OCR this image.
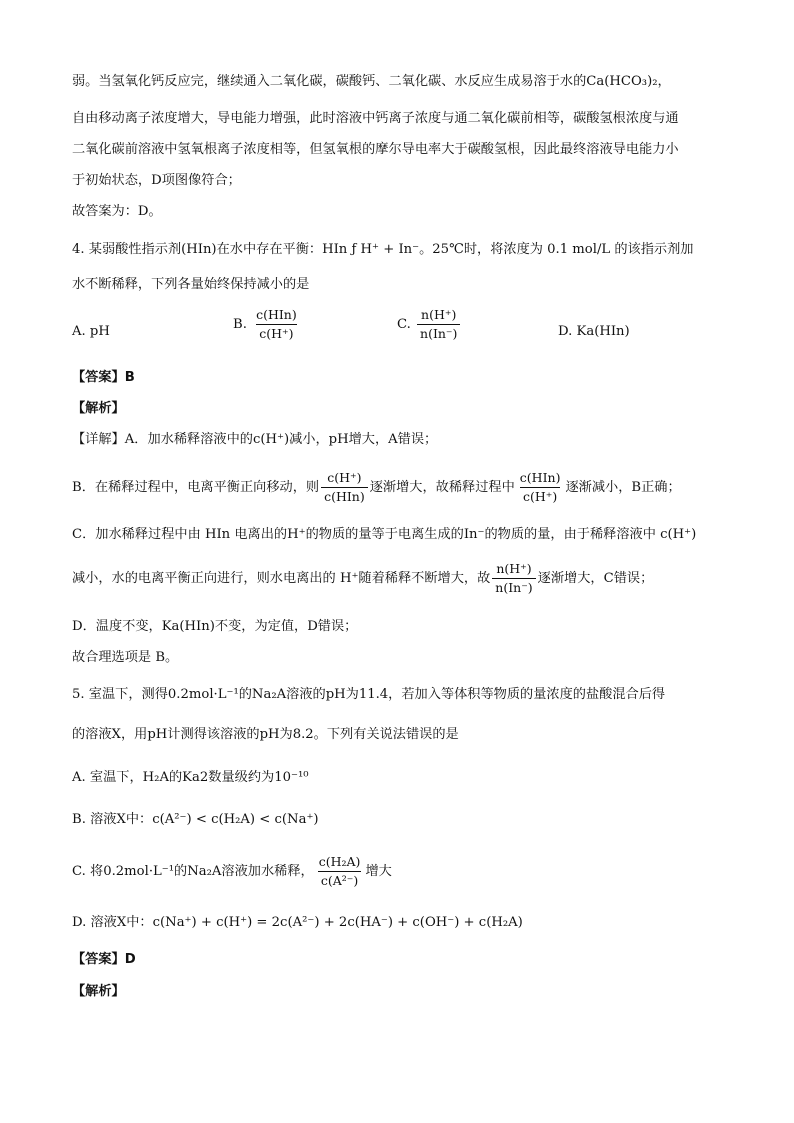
弱。当氢氧化钙反应完，继续通入二氧化碳，碳酸钙、二氧化碳、水反应生成易溶于水的Ca(HCO₃)₂，
自由移动离子浓度增大，导电能力增强，此时溶液中钙离子浓度与通二氧化碳前相等，碳酸氢根浓度与通
二氧化碳前溶液中氢氧根离子浓度相等，但氢氧根的摩尔导电率大于碳酸氢根，因此最终溶液导电能力小
于初始状态，D项图像符合；
故答案为：D。
4. 某弱酸性指示剂(HIn)在水中存在平衡：HIn ƒ H⁺ + In⁻。25℃时，将浓度为 0.1 mol/L 的该指示剂加
水不断稀释，下列各量始终保持减小的是
A. pH	B. $\frac{\text{c(HIn)}}{c(H^+)}$	C. $\frac{n(H^+)}{n(In^-)}$	D. Ka(HIn)
【答案】B
【解析】
【详解】A．加水稀释溶液中的c(H⁺)减小，pH增大，A错误；
B．在稀释过程中，电离平衡正向移动，则 $\frac{c(H^+)}{\text{c(HIn)}}$ 逐渐增大，故稀释过程中 $\frac{\text{c(HIn)}}{c(H^+)}$ 逐渐减小，B正确；
C．加水稀释过程中由 HIn 电离出的H⁺的物质的量等于电离生成的In⁻的物质的量，由于稀释溶液中 c(H⁺)
减小，水的电离平衡正向进行，则水电离出的 H⁺随着稀释不断增大，故 $\frac{n(H^+)}{n(In^-)}$ 逐渐增大，C错误；
D．温度不变，Ka(HIn)不变，为定值，D错误；
故合理选项是 B。
5. 室温下，测得0.2mol·L⁻¹的Na₂A溶液的pH为11.4，若加入等体积等物质的量浓度的盐酸混合后得
的溶液X，用pH计测得该溶液的pH为8.2。下列有关说法错误的是
A. 室温下，H₂A的Ka2数量级约为10⁻¹⁰
B. 溶液X中：c(A²⁻) < c(H₂A) < c(Na⁺)
C. 将0.2mol·L⁻¹的Na₂A溶液加水稀释， $\frac{\text{c(H₂A)}}{\text{c(A²⁻)}}$ 增大
D. 溶液X中：c(Na⁺) + c(H⁺) = 2c(A²⁻) + 2c(HA⁻) + c(OH⁻) + c(H₂A)
【答案】D
【解析】
